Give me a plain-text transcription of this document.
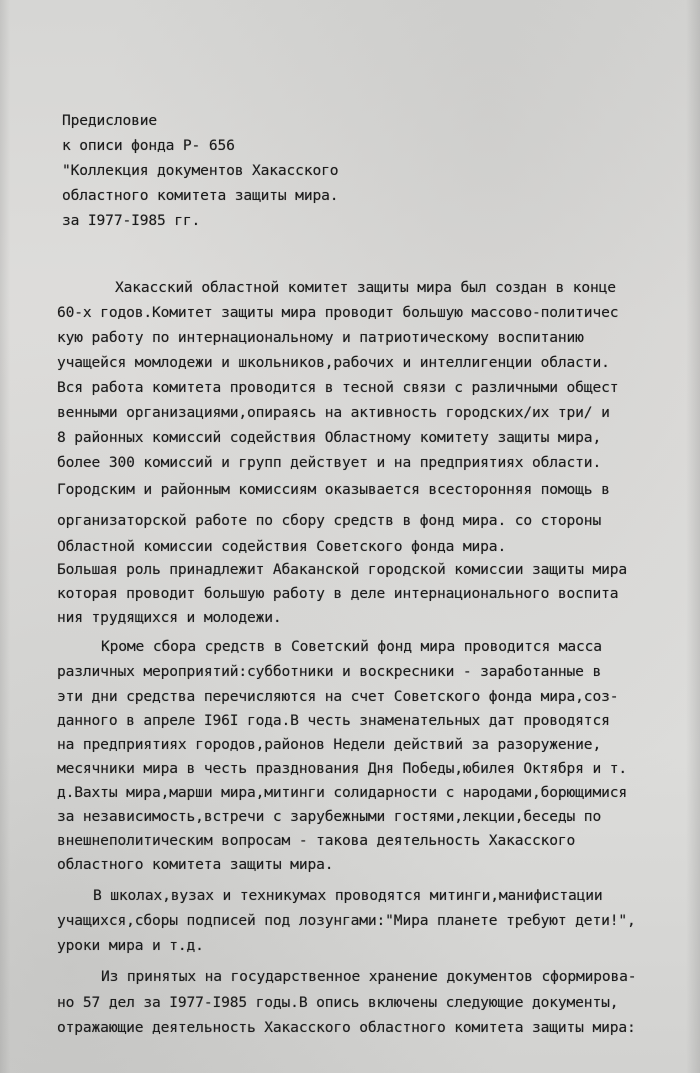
Предисловие
к описи фонда Р- 656
"Коллекция документов Хакасского
областного комитета защиты мира.
за I977-I985 гг.
Хакасский областной комитет защиты мира был создан в конце
60-х годов.Комитет защиты мира проводит большую массово-политичес
кую работу по интернациональному и патриотическому воспитанию
учащейся момлодежи и школьников,рабочих и интеллигенции области.
Вся работа комитета проводится в тесной связи с различными общест
венными организациями,опираясь на активность городских/их три/ и
8 районных комиссий содействия Областному комитету защиты мира,
более 300 комиссий и групп действует и на предприятиях области.
Городским и районным комиссиям оказывается всесторонняя помощь в
организаторской работе по сбору средств в фонд мира. со стороны
Областной комиссии содействия Советского фонда мира.
Большая роль принадлежит Абаканской городской комиссии защиты мира
которая проводит большую работу в деле интернационального воспита
ния трудящихся и молодежи.
Кроме сбора средств в Советский фонд мира проводится масса
различных мероприятий:субботники и воскресники - заработанные в
эти дни средства перечисляются на счет Советского фонда мира,соз-
данного в апреле I96I года.В честь знаменательных дат проводятся
на предприятиях городов,районов Недели действий за разоружение,
месячники мира в честь празднования Дня Победы,юбилея Октября и т.
д.Вахты мира,марши мира,митинги солидарности с народами,борющимися
за независимость,встречи с зарубежными гостями,лекции,беседы по
внешнеполитическим вопросам - такова деятельность Хакасского
областного комитета защиты мира.
В школах,вузах и техникумах проводятся митинги,манифистации
учащихся,сборы подписей под лозунгами:"Мира планете требуют дети!",
уроки мира и т.д.
Из принятых на государственное хранение документов сформирова-
но 57 дел за I977-I985 годы.В опись включены следующие документы,
отражающие деятельность Хакасского областного комитета защиты мира:
